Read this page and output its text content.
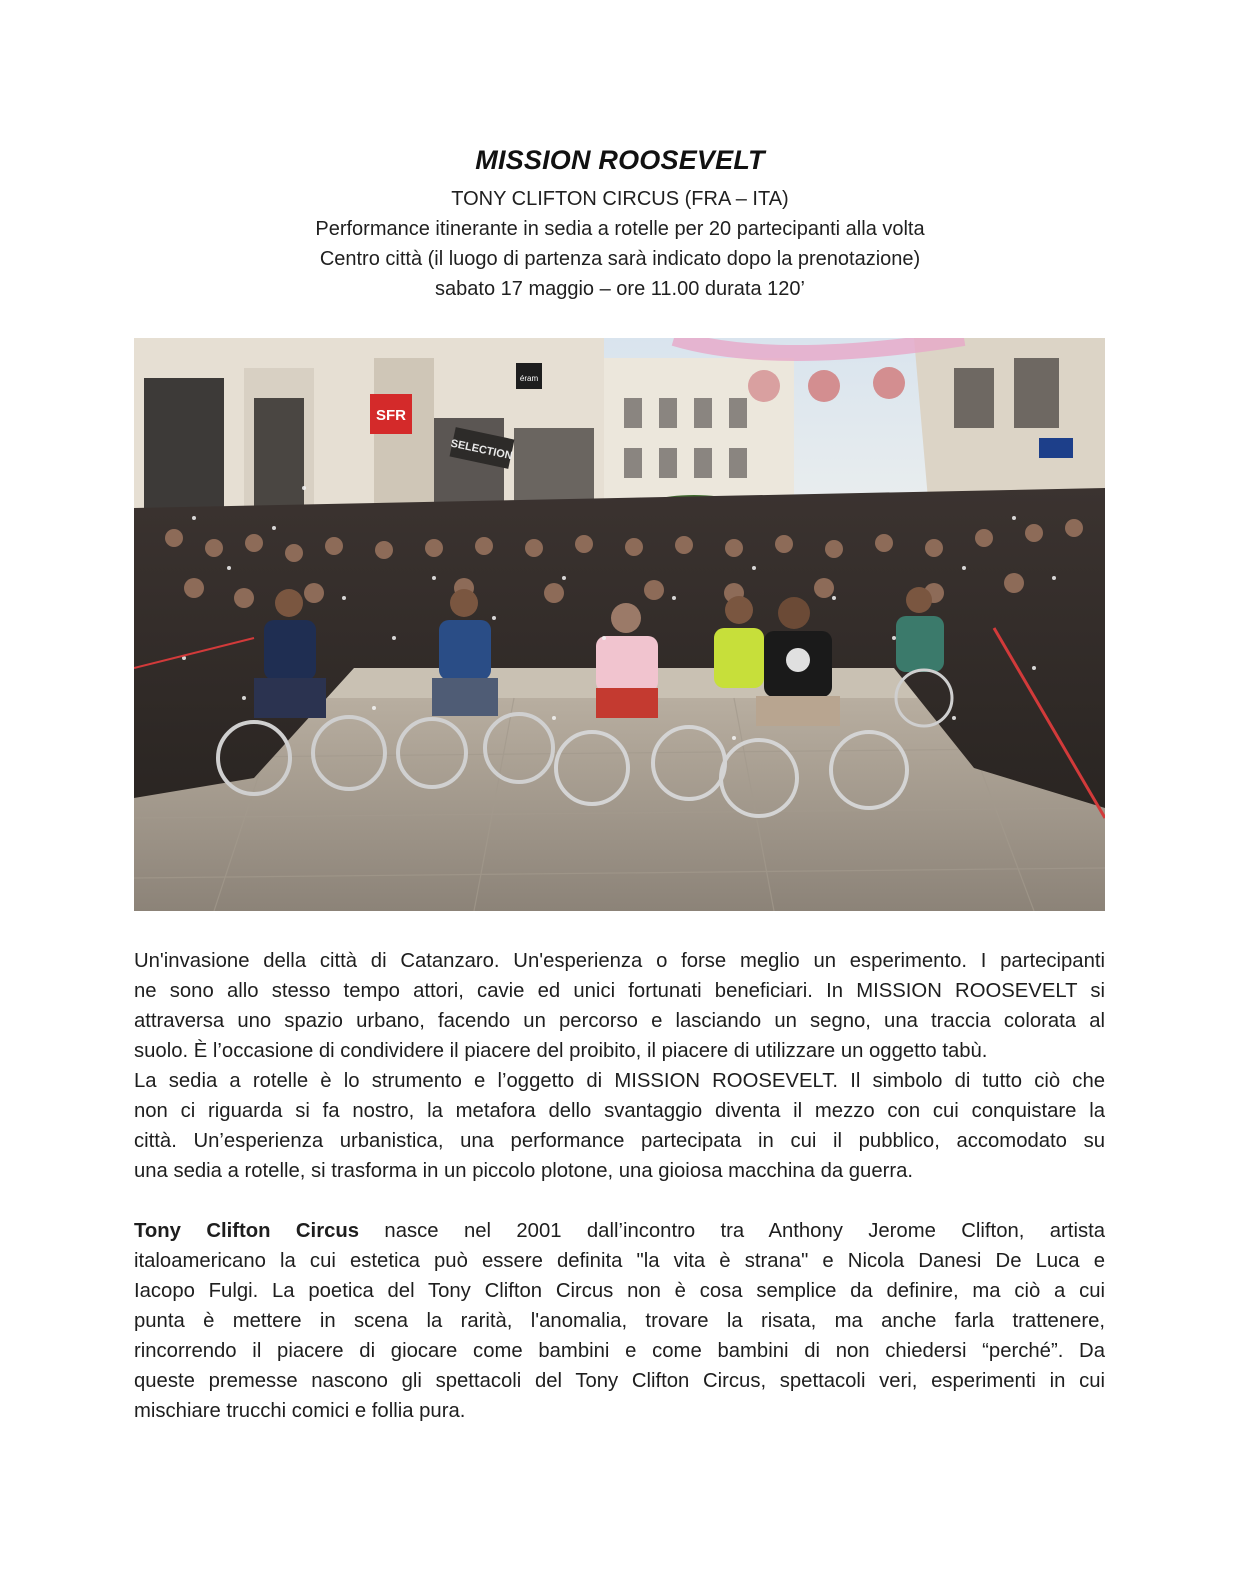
MISSION ROOSEVELT
TONY CLIFTON CIRCUS (FRA – ITA)
Performance itinerante in sedia a rotelle per 20 partecipanti alla volta
Centro città (il luogo di partenza sarà indicato dopo la prenotazione)
sabato 17 maggio – ore 11.00 durata 120’
SFR
SELECTION
éram
Un'invasione della città di Catanzaro. Un'esperienza o forse meglio un esperimento. I partecipanti
ne sono allo stesso tempo attori, cavie ed unici fortunati beneficiari. In MISSION ROOSEVELT si
attraversa uno spazio urbano, facendo un percorso e lasciando un segno, una traccia colorata al
suolo. È l’occasione di condividere il piacere del proibito, il piacere di utilizzare un oggetto tabù.
La sedia a rotelle è lo strumento e l’oggetto di MISSION ROOSEVELT. Il simbolo di tutto ciò che
non ci riguarda si fa nostro, la metafora dello svantaggio diventa il mezzo con cui conquistare la
città. Un’esperienza urbanistica, una performance partecipata in cui il pubblico, accomodato su
una sedia a rotelle, si trasforma in un piccolo plotone, una gioiosa macchina da guerra.
Tony Clifton Circus nasce nel 2001 dall’incontro tra Anthony Jerome Clifton, artista
italoamericano la cui estetica può essere definita "la vita è strana" e Nicola Danesi De Luca e
Iacopo Fulgi. La poetica del Tony Clifton Circus non è cosa semplice da definire, ma ciò a cui
punta è mettere in scena la rarità, l'anomalia, trovare la risata, ma anche farla trattenere,
rincorrendo il piacere di giocare come bambini e come bambini di non chiedersi “perché”. Da
queste premesse nascono gli spettacoli del Tony Clifton Circus, spettacoli veri, esperimenti in cui
mischiare trucchi comici e follia pura.
